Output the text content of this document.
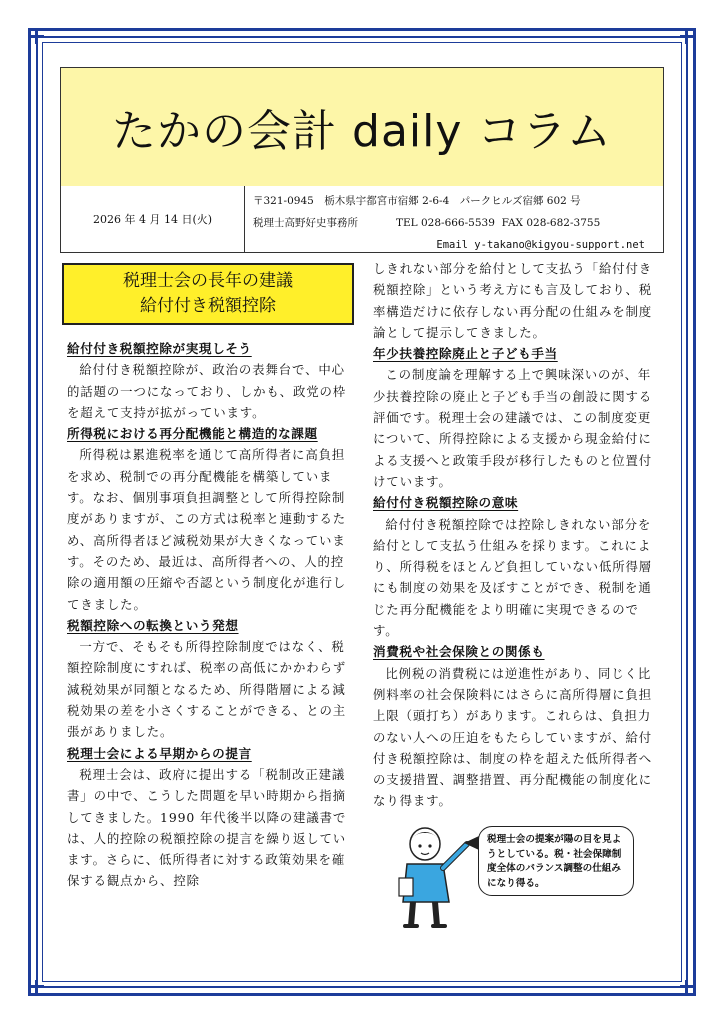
たかの会計 daily コラム
2026 年 4 月 14 日(火)
〒321-0945　栃木県宇都宮市宿郷 2-6-4　パークヒルズ宿郷 602 号
税理士高野好史事務所	TEL 028-666-5539 FAX 028-682-3755
Email y-takano@kigyou-support.net
税理士会の長年の建議
給付付き税額控除
給付付き税額控除が実現しそう

給付付き税額控除が、政治の表舞台で、中心的話題の一つになっており、しかも、政党の枠を超えて支持が拡がっています。

所得税における再分配機能と構造的な課題

所得税は累進税率を通じて高所得者に高負担を求め、税制での再分配機能を構築しています。なお、個別事項負担調整として所得控除制度がありますが、この方式は税率と連動するため、高所得者ほど減税効果が大きくなっています。そのため、最近は、高所得者への、人的控除の適用額の圧縮や否認という制度化が進行してきました。

税額控除への転換という発想

一方で、そもそも所得控除制度ではなく、税額控除制度にすれば、税率の高低にかかわらず減税効果が同額となるため、所得階層による減税効果の差を小さくすることができる、との主張がありました。

税理士会による早期からの提言

税理士会は、政府に提出する「税制改正建議書」の中で、こうした問題を早い時期から指摘してきました。1990 年代後半以降の建議書では、人的控除の税額控除の提言を繰り返しています。さらに、低所得者に対する政策効果を確保する観点から、控除

しきれない部分を給付として支払う「給付付き税額控除」という考え方にも言及しており、税率構造だけに依存しない再分配の仕組みを制度論として提示してきました。

年少扶養控除廃止と子ども手当

この制度論を理解する上で興味深いのが、年少扶養控除の廃止と子ども手当の創設に関する評価です。税理士会の建議では、この制度変更について、所得控除による支援から現金給付による支援へと政策手段が移行したものと位置付けています。

給付付き税額控除の意味

給付付き税額控除では控除しきれない部分を給付として支払う仕組みを採ります。これにより、所得税をほとんど負担していない低所得層にも制度の効果を及ぼすことができ、税制を通じた再分配機能をより明確に実現できるのです。

消費税や社会保険との関係も

比例税の消費税には逆進性があり、同じく比例料率の社会保険料にはさらに高所得層に負担上限（頭打ち）があります。これらは、負担力のない人への圧迫をもたらしていますが、給付付き税額控除は、制度の枠を超えた低所得者への支援措置、調整措置、再分配機能の制度化になり得ます。

税理士会の提案が陽の目を見ようとしている。税・社会保障制度全体のバランス調整の仕組みになり得る。
